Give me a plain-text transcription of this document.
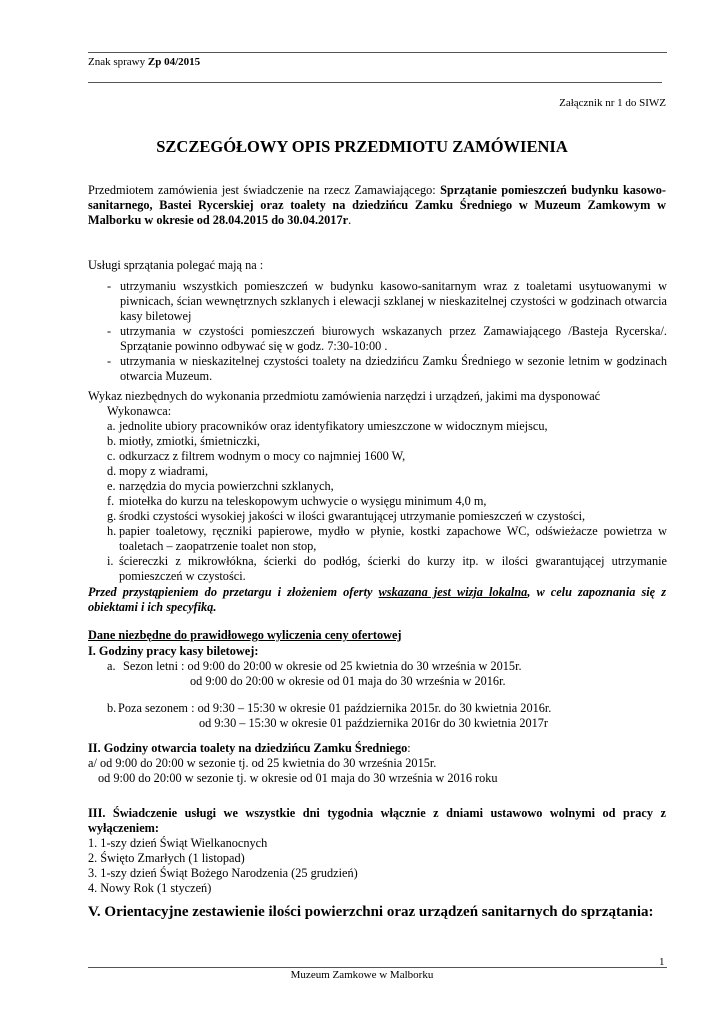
Znak sprawy Zp 04/2015
Załącznik nr 1 do SIWZ
SZCZEGÓŁOWY OPIS PRZEDMIOTU ZAMÓWIENIA
Przedmiotem zamówienia jest świadczenie na rzecz Zamawiającego: Sprzątanie pomieszczeń budynku kasowo-sanitarnego, Bastei Rycerskiej oraz toalety na dziedzińcu Zamku Średniego w Muzeum Zamkowym w Malborku w okresie od 28.04.2015 do 30.04.2017r.
Usługi sprzątania polegać mają na :
- utrzymaniu wszystkich pomieszczeń w budynku kasowo-sanitarnym wraz z toaletami usytuowanymi w piwnicach, ścian wewnętrznych szklanych i elewacji szklanej w nieskazitelnej czystości w godzinach otwarcia kasy biletowej
- utrzymania w czystości pomieszczeń biurowych wskazanych przez Zamawiającego /Basteja Rycerska/. Sprzątanie powinno odbywać się w godz. 7:30-10:00 .
- utrzymania w nieskazitelnej czystości toalety na dziedzińcu Zamku Średniego w sezonie letnim w godzinach otwarcia Muzeum.
Wykaz niezbędnych do wykonania przedmiotu zamówienia narzędzi i urządzeń, jakimi ma dysponować
Wykonawca:
a. jednolite ubiory pracowników oraz identyfikatory umieszczone w widocznym miejscu,
b. miotły, zmiotki, śmietniczki,
c. odkurzacz z filtrem wodnym o mocy co najmniej 1600 W,
d. mopy z wiadrami,
e. narzędzia do mycia powierzchni szklanych,
f. miotełka do kurzu na teleskopowym uchwycie o wysięgu minimum 4,0 m,
g. środki czystości wysokiej jakości w ilości gwarantującej utrzymanie pomieszczeń w czystości,
h. papier toaletowy, ręczniki papierowe, mydło w płynie, kostki zapachowe WC, odświeżacze powietrza w toaletach – zaopatrzenie toalet non stop,
i. ściereczki z mikrowłókna, ścierki do podłóg, ścierki do kurzy itp. w ilości gwarantującej utrzymanie pomieszczeń w czystości.
Przed przystąpieniem do przetargu i złożeniem oferty wskazana jest wizja lokalna, w celu zapoznania się z obiektami i ich specyfiką.
Dane niezbędne do prawidłowego wyliczenia ceny ofertowej
I. Godziny pracy kasy biletowej:
a. Sezon letni : od 9:00 do 20:00 w okresie od 25 kwietnia do 30 września w 2015r.
od 9:00 do 20:00 w okresie od 01 maja do 30 września w 2016r.
b. Poza sezonem : od 9:30 – 15:30 w okresie 01 października 2015r. do 30 kwietnia 2016r.
od 9:30 – 15:30 w okresie 01 października 2016r do 30 kwietnia 2017r
II. Godziny otwarcia toalety na dziedzińcu Zamku Średniego:
a/ od 9:00 do 20:00 w sezonie tj. od 25 kwietnia do 30 września 2015r.
od 9:00 do 20:00 w sezonie tj. w okresie od 01 maja do 30 września w 2016 roku
III. Świadczenie usługi we wszystkie dni tygodnia włącznie z dniami ustawowo wolnymi od pracy z wyłączeniem:
1. 1-szy dzień Świąt Wielkanocnych
2. Święto Zmarłych (1 listopad)
3. 1-szy dzień Świąt Bożego Narodzenia (25 grudzień)
4. Nowy Rok (1 styczeń)
V. Orientacyjne zestawienie ilości powierzchni oraz urządzeń sanitarnych do sprzątania:
1
Muzeum Zamkowe w Malborku
